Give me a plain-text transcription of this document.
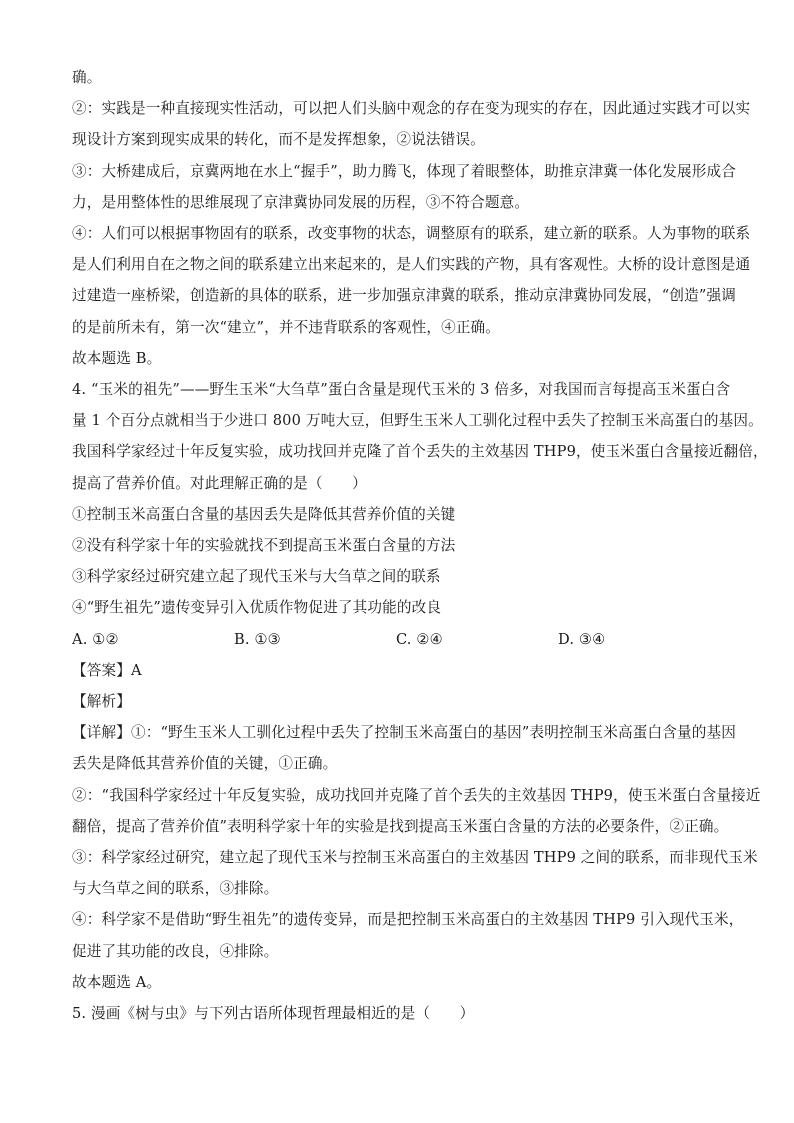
确。
②：实践是一种直接现实性活动，可以把人们头脑中观念的存在变为现实的存在，因此通过实践才可以实
现设计方案到现实成果的转化，而不是发挥想象，②说法错误。
③：大桥建成后，京冀两地在水上“握手”，助力腾飞，体现了着眼整体，助推京津冀一体化发展形成合
力，是用整体性的思维展现了京津冀协同发展的历程，③不符合题意。
④：人们可以根据事物固有的联系，改变事物的状态，调整原有的联系，建立新的联系。人为事物的联系
是人们利用自在之物之间的联系建立出来起来的，是人们实践的产物，具有客观性。大桥的设计意图是通
过建造一座桥梁，创造新的具体的联系，进一步加强京津冀的联系，推动京津冀协同发展，“创造”强调
的是前所未有，第一次“建立”，并不违背联系的客观性，④正确。
故本题选 B。
4. “玉米的祖先”——野生玉米“大刍草”蛋白含量是现代玉米的 3 倍多，对我国而言每提高玉米蛋白含
量 1 个百分点就相当于少进口 800 万吨大豆，但野生玉米人工驯化过程中丢失了控制玉米高蛋白的基因。
我国科学家经过十年反复实验，成功找回并克隆了首个丢失的主效基因 THP9，使玉米蛋白含量接近翻倍，
提高了营养价值。对此理解正确的是（　　）
①控制玉米高蛋白含量的基因丢失是降低其营养价值的关键
②没有科学家十年的实验就找不到提高玉米蛋白含量的方法
③科学家经过研究建立起了现代玉米与大刍草之间的联系
④“野生祖先”遗传变异引入优质作物促进了其功能的改良
A. ①②	B. ①③	C. ②④	D. ③④
【答案】A
【解析】
【详解】①：“野生玉米人工驯化过程中丢失了控制玉米高蛋白的基因”表明控制玉米高蛋白含量的基因
丢失是降低其营养价值的关键，①正确。
②：“我国科学家经过十年反复实验，成功找回并克隆了首个丢失的主效基因 THP9，使玉米蛋白含量接近
翻倍，提高了营养价值”表明科学家十年的实验是找到提高玉米蛋白含量的方法的必要条件，②正确。
③：科学家经过研究，建立起了现代玉米与控制玉米高蛋白的主效基因 THP9 之间的联系，而非现代玉米
与大刍草之间的联系，③排除。
④：科学家不是借助“野生祖先”的遗传变异，而是把控制玉米高蛋白的主效基因 THP9 引入现代玉米，
促进了其功能的改良，④排除。
故本题选 A。
5. 漫画《树与虫》与下列古语所体现哲理最相近的是（　　）
